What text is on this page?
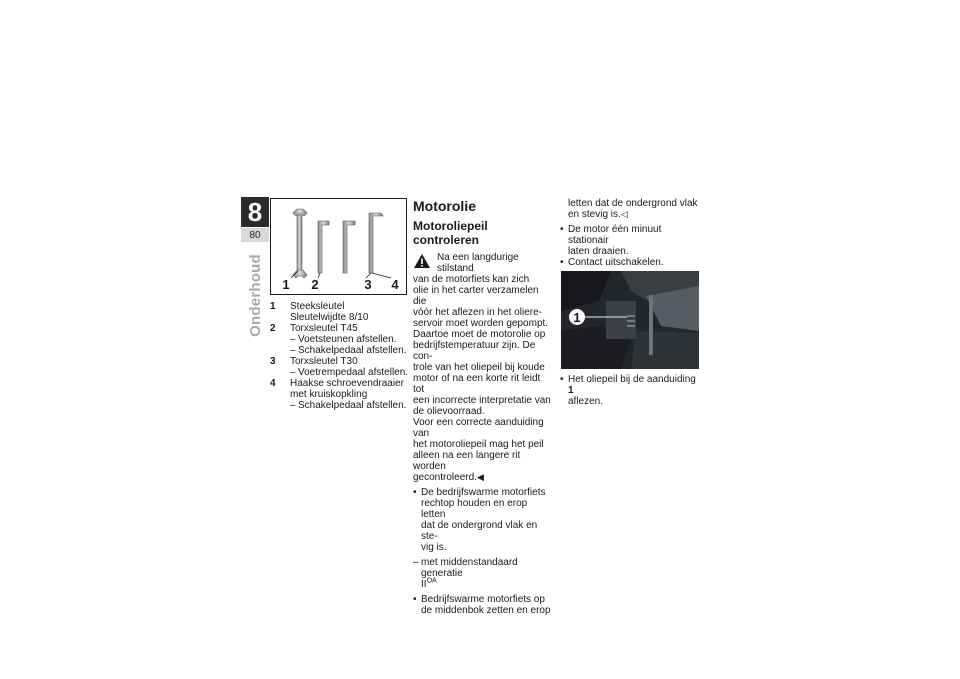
8
80
Onderhoud 1 2	3 4
1	Steeksleutel
Sleutelwijdte 8/10
2	Torxsleutel T45
– Voetsteunen afstellen.
– Schakelpedaal afstellen.
3	Torxsleutel T30
– Voetrempedaal afstellen.
4	Haakse schroevendraaier
met kruiskopkling
– Schakelpedaal afstellen.
Motorolie
Motoroliepeil controleren
Na een langdurige stilstand
van de motorfiets kan zich
olie in het carter verzamelen die
vóór het aflezen in het oliere-
servoir moet worden gepompt.
Daartoe moet de motorolie op
bedrijfstemperatuur zijn. De con-
trole van het oliepeil bij koude
motor of na een korte rit leidt tot
een incorrecte interpretatie van
de olievoorraad.
Voor een correcte aanduiding van
het motoroliepeil mag het peil
alleen na een langere rit worden
gecontroleerd.◀
• De bedrijfswarme motorfiets
rechtop houden en erop letten
dat de ondergrond vlak en ste-
vig is.
– met middenstandaard generatie
$II^{OA}$
• Bedrijfswarme motorfiets op
de middenbok zetten en erop
letten dat de ondergrond vlak
en stevig is.◁
• De motor één minuut stationair
laten draaien.
• Contact uitschakelen.
1
• Het oliepeil bij de aanduiding 1
aflezen.
